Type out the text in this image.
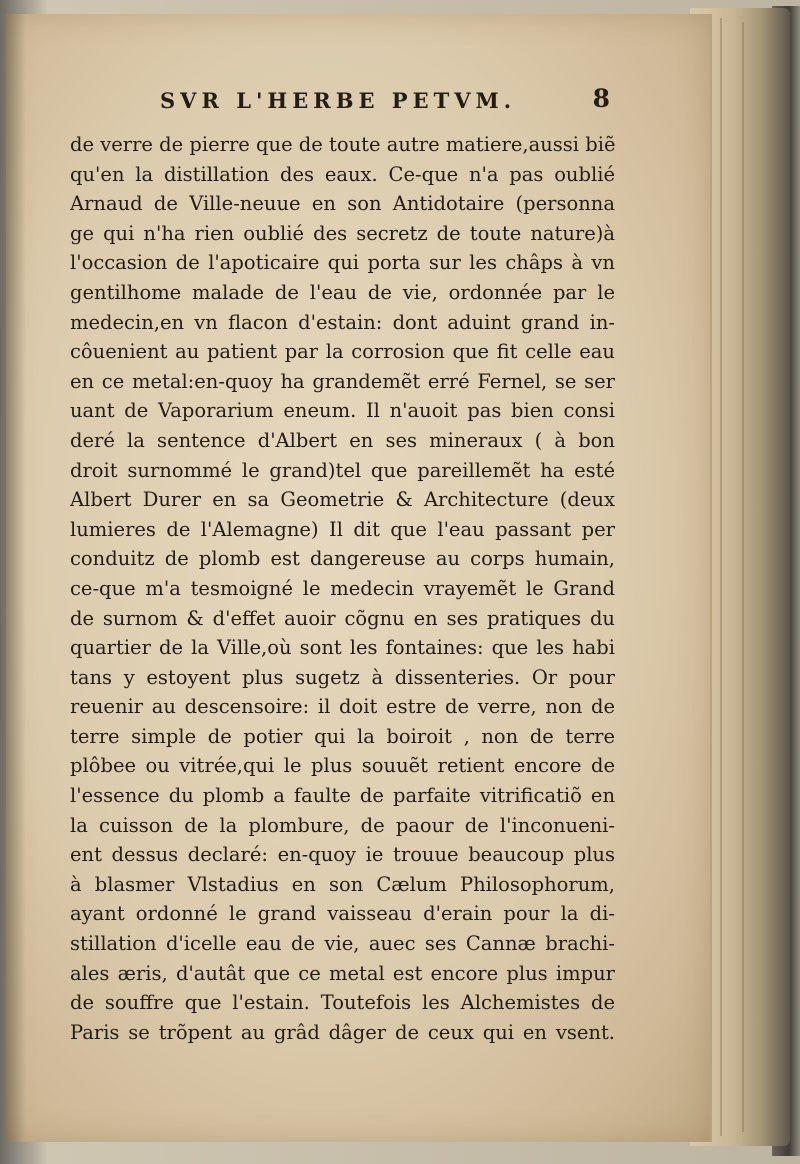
SVR L'HERBE PETVM.	8
de verre de pierre que de toute autre matiere,aussi biẽ
qu'en la distillation des eaux. Ce-que n'a pas oublié
Arnaud de Ville-neuue en son Antidotaire (personna
ge qui n'ha rien oublié des secretz de toute nature)à
l'occasion de l'apoticaire qui porta sur les châps à vn
gentilhome malade de l'eau de vie, ordonnée par le
medecin,en vn flacon d'estain: dont aduint grand in-
côuenient au patient par la corrosion que fit celle eau
en ce metal:en-quoy ha grandemẽt erré Fernel, se ser
uant de Vaporarium eneum. Il n'auoit pas bien consi
deré la sentence d'Albert en ses mineraux ( à bon
droit surnommé le grand)tel que pareillemẽt ha esté
Albert Durer en sa Geometrie & Architecture (deux
lumieres de l'Alemagne) Il dit que l'eau passant per
conduitz de plomb est dangereuse au corps humain,
ce-que m'a tesmoigné le medecin vrayemẽt le Grand
de surnom & d'effet auoir cõgnu en ses pratiques du
quartier de la Ville,où sont les fontaines: que les habi
tans y estoyent plus sugetz à dissenteries. Or pour
reuenir au descensoire: il doit estre de verre, non de
terre simple de potier qui la boiroit , non de terre
plôbee ou vitrée,qui le plus souuẽt retient encore de
l'essence du plomb a faulte de parfaite vitrificatiõ en
la cuisson de la plombure, de paour de l'inconueni-
ent dessus declaré: en-quoy ie trouue beaucoup plus
à blasmer Vlstadius en son Cælum Philosophorum,
ayant ordonné le grand vaisseau d'erain pour la di-
stillation d'icelle eau de vie, auec ses Cannæ brachi-
ales æris, d'autât que ce metal est encore plus impur
de souffre que l'estain. Toutefois les Alchemistes de
Paris se trõpent au grâd dâger de ceux qui en vsent.
